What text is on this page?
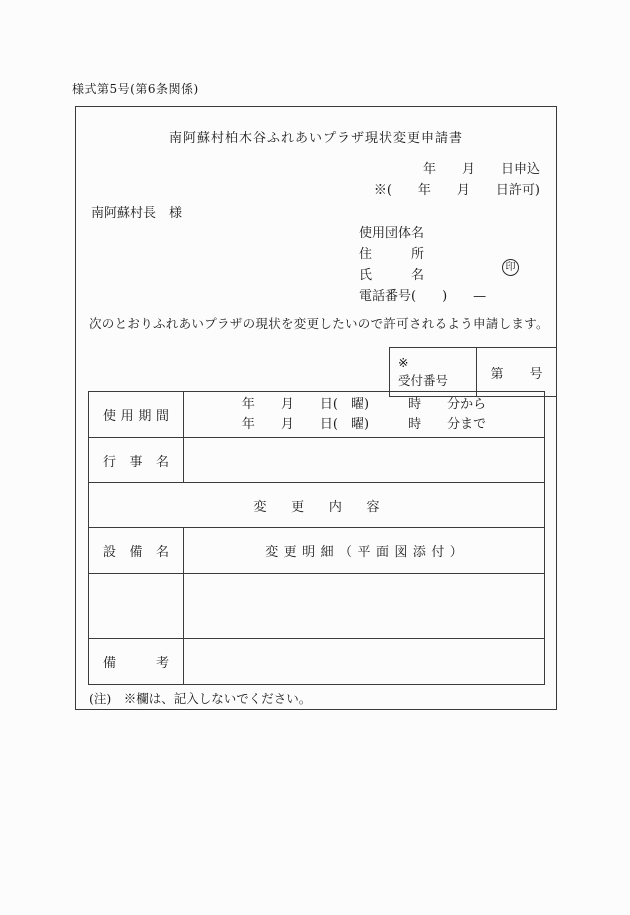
様式第5号(第6条関係)
南阿蘇村柏木谷ふれあいプラザ現状変更申請書
年　　月　　日申込
※(　　年　　月　　日許可)
南阿蘇村長　様
使用団体名
住　　　所
氏　　　名
電話番号(　　)　　—
印
次のとおりふれあいプラザの現状を変更したいので許可されるよう申請します。
※
受付番号	第　　号
使用期間	年　　月　　日(　曜)　　　時　　分から
年　　月　　日(　曜)　　　時　　分まで

行事名	
変更内容	
設備名	変更明細（平面図添付）

備考	
(注)　※欄は、記入しないでください。
